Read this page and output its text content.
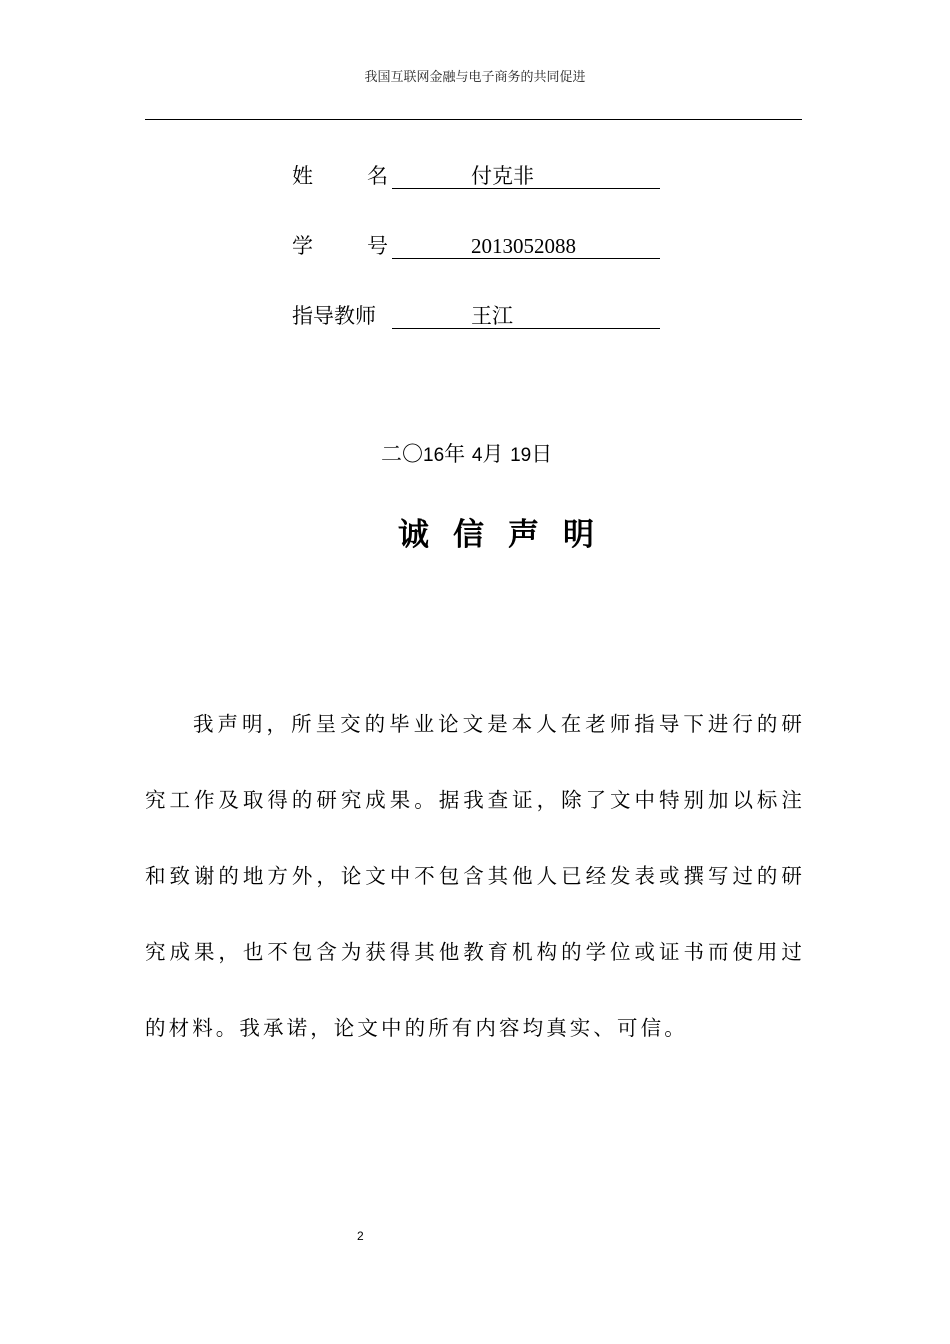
我国互联网金融与电子商务的共同促进
姓	名	付克非
学	号	2013052088
指导教师	王江
二〇16年 4月 19日
诚信声明
我声明，所呈交的毕业论文是本人在老师指导下进行的研究工作及取得的研究成果。据我查证，除了文中特别加以标注和致谢的地方外，论文中不包含其他人已经发表或撰写过的研究成果，也不包含为获得其他教育机构的学位或证书而使用过的材料。我承诺，论文中的所有内容均真实、可信。
2
